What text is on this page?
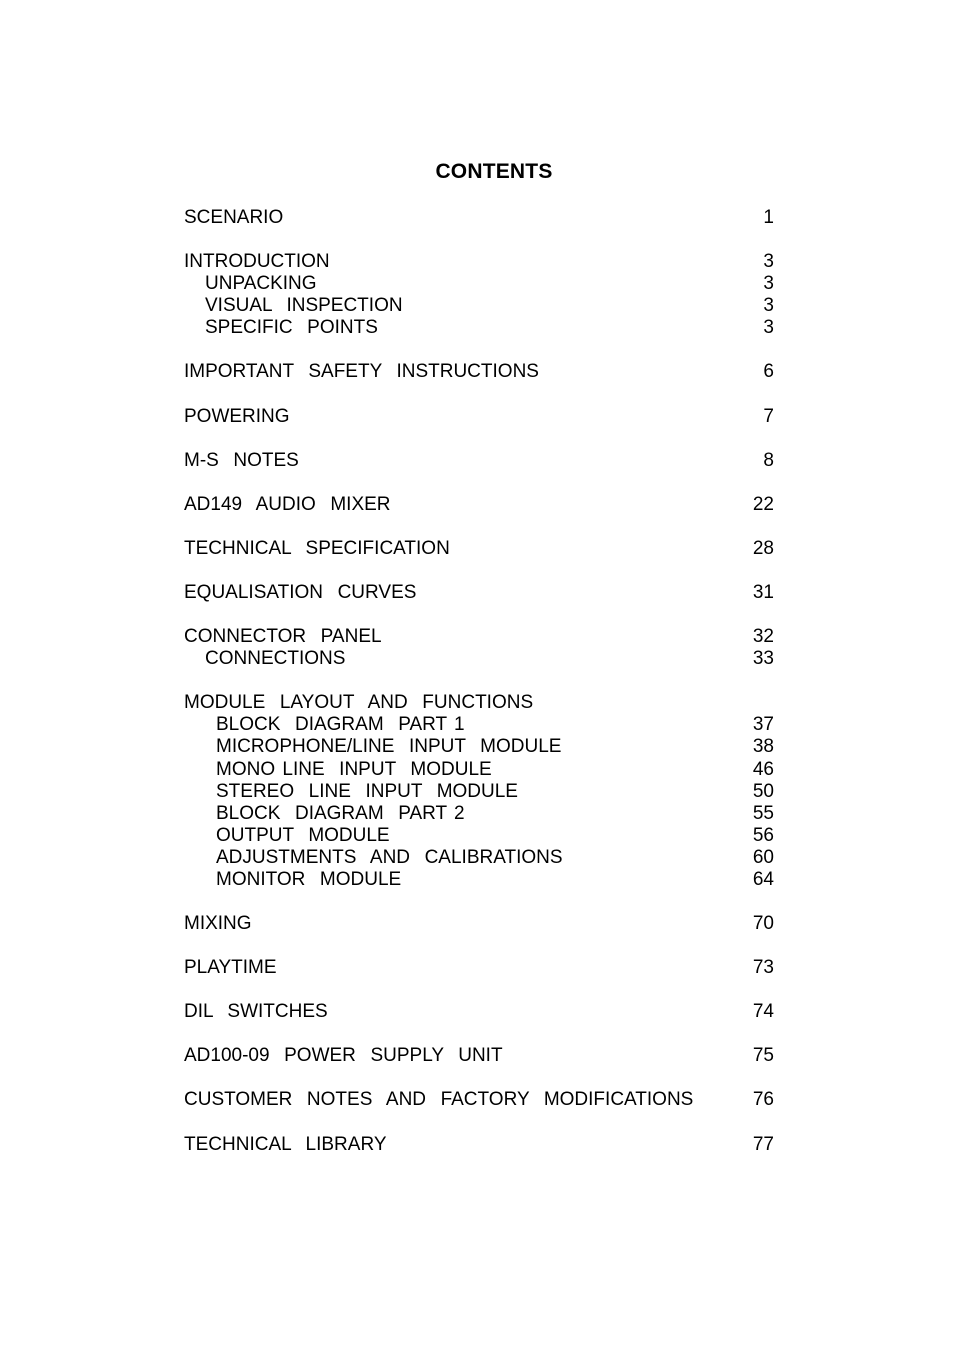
CONTENTS
SCENARIO	1
INTRODUCTION	3
UNPACKING	3
VISUAL  INSPECTION	3
SPECIFIC  POINTS	3
IMPORTANT  SAFETY  INSTRUCTIONS	6
POWERING	7
M-S  NOTES	8
AD149  AUDIO  MIXER	22
TECHNICAL  SPECIFICATION	28
EQUALISATION  CURVES	31
CONNECTOR  PANEL	32
CONNECTIONS	33
MODULE  LAYOUT  AND  FUNCTIONS
BLOCK  DIAGRAM  PART 1	37
MICROPHONE/LINE  INPUT  MODULE	38
MONO LINE  INPUT  MODULE	46
STEREO  LINE  INPUT  MODULE	50
BLOCK  DIAGRAM  PART 2	55
OUTPUT  MODULE	56
ADJUSTMENTS  AND  CALIBRATIONS	60
MONITOR  MODULE	64
MIXING	70
PLAYTIME	73
DIL  SWITCHES	74
AD100-09  POWER  SUPPLY  UNIT	75
CUSTOMER  NOTES  AND  FACTORY  MODIFICATIONS	76
TECHNICAL  LIBRARY	77
